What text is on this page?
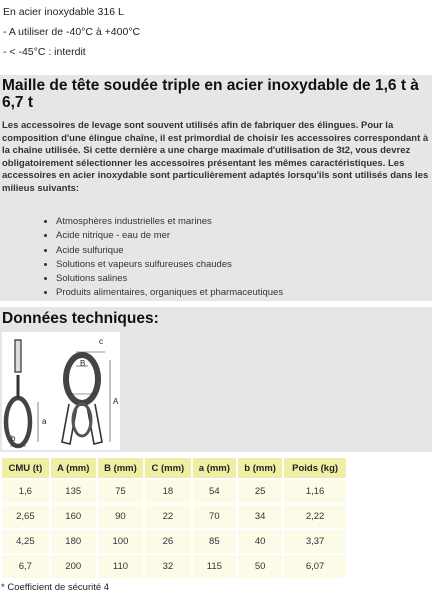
En acier inoxydable 316 L
- A utiliser de -40°C à +400°C
- < -45°C : interdit
Maille de tête soudée triple en acier inoxydable de 1,6 t à 6,7 t
Les accessoires de levage sont souvent utilisés afin de fabriquer des élingues. Pour la composition d'une élingue chaîne, il est primordial de choisir les accessoires correspondant à la chaîne utilisée. Si cette dernière a une charge maximale d'utilisation de 3t2, vous devrez obligatoirement sélectionner les accessoires présentant les mêmes caractéristiques. Les accessoires en acier inoxydable sont particulièrement adaptés lorsqu'ils sont utilisés dans les milieus suivants:
• Atmosphères industrielles et marines
• Acide nitrique - eau de mer
• Acide sulfurique
• Solutions et vapeurs sulfureuses chaudes
• Solutions salines
• Produits alimentaires, organiques et pharmaceutiques
Données techniques:
c
B
A
a
b
CMU (t)	A (mm)	B (mm)	C (mm)	a (mm)	b (mm)	Poids (kg)
1,6	135	75	18	54	25	1,16
2,65	160	90	22	70	34	2,22
4,25	180	100	26	85	40	3,37
6,7	200	110	32	115	50	6,07
* Coefficient de sécurité 4
